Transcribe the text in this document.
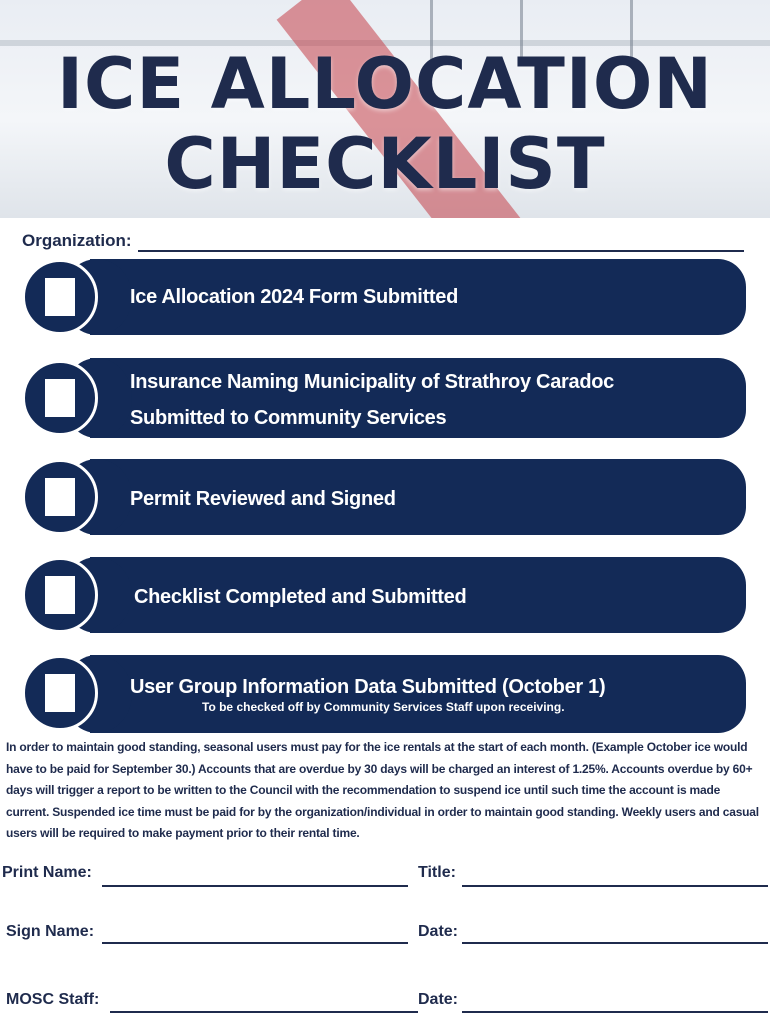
ICE ALLOCATION
CHECKLIST
Organization:
Ice Allocation 2024 Form Submitted
Insurance Naming Municipality of Strathroy Caradoc
Submitted to Community Services
Permit Reviewed and Signed
Checklist Completed and Submitted
User Group Information Data Submitted (October 1)
To be checked off by Community Services Staff upon receiving.

In order to maintain good standing, seasonal users must pay for the ice rentals at the start of each month. (Example October ice would have to be paid for September 30.) Accounts that are overdue by 30 days will be charged an interest of 1.25%. Accounts overdue by 60+ days will trigger a report to be written to the Council with the recommendation to suspend ice until such time the account is made current. Suspended ice time must be paid for by the organization/individual in order to maintain good standing. Weekly users and casual users will be required to make payment prior to their rental time.

Print Name:	Title:
Sign Name:	Date:
MOSC Staff:	Date:
